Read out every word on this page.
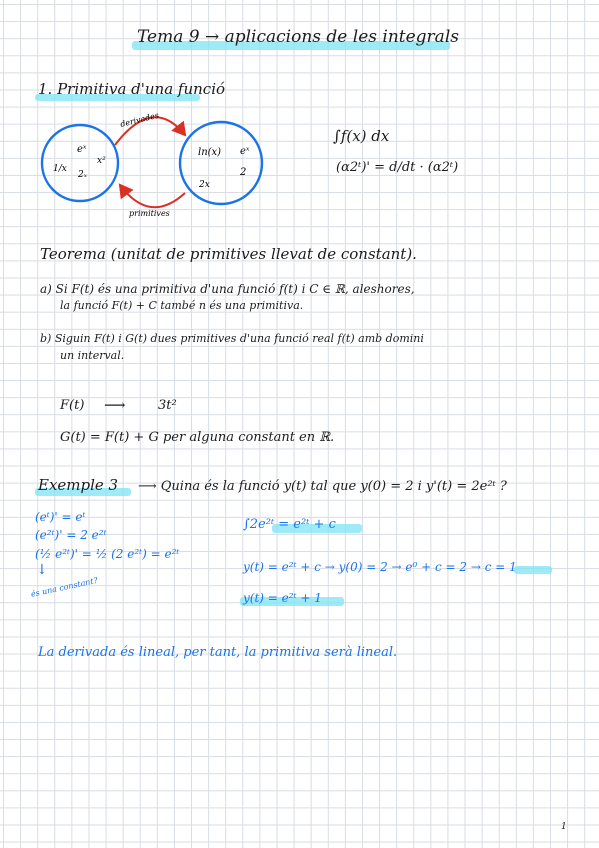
Tema 9 → aplicacions de les integrals
1. Primitiva d'una funció
derivades
primitives
eˣ
x²
1/x
2ₓ
ln(x) eˣ
2
2x
∫f(x) dx
(α2ᵗ)' = d/dt · (α2ᵗ)
Teorema (unitat de primitives llevat de constant).
a) Si F(t) és una primitiva d'una funció f(t) i C ∈ ℝ, aleshores,
la funció F(t) + C també n és una primitiva.
b) Siguin F(t) i G(t) dues primitives d'una funció real f(t) amb domini
un interval.
F(t) ⟶ 3t²
G(t) = F(t) + G per alguna constant en ℝ.
Exemple 3 ⟶ Quina és la funció y(t) tal que y(0) = 2 i y'(t) = 2e²ᵗ ?
(eᵗ)' = eᵗ
(e²ᵗ)' = 2 e²ᵗ
(½ e²ᵗ)' = ½ (2 e²ᵗ) = e²ᵗ
↓
és una constant?
∫2e²ᵗ = e²ᵗ + c
y(t) = e²ᵗ + c → y(0) = 2 → e⁰ + c = 2 → c = 1
y(t) = e²ᵗ + 1
La derivada és lineal, per tant, la primitiva serà lineal.
1
